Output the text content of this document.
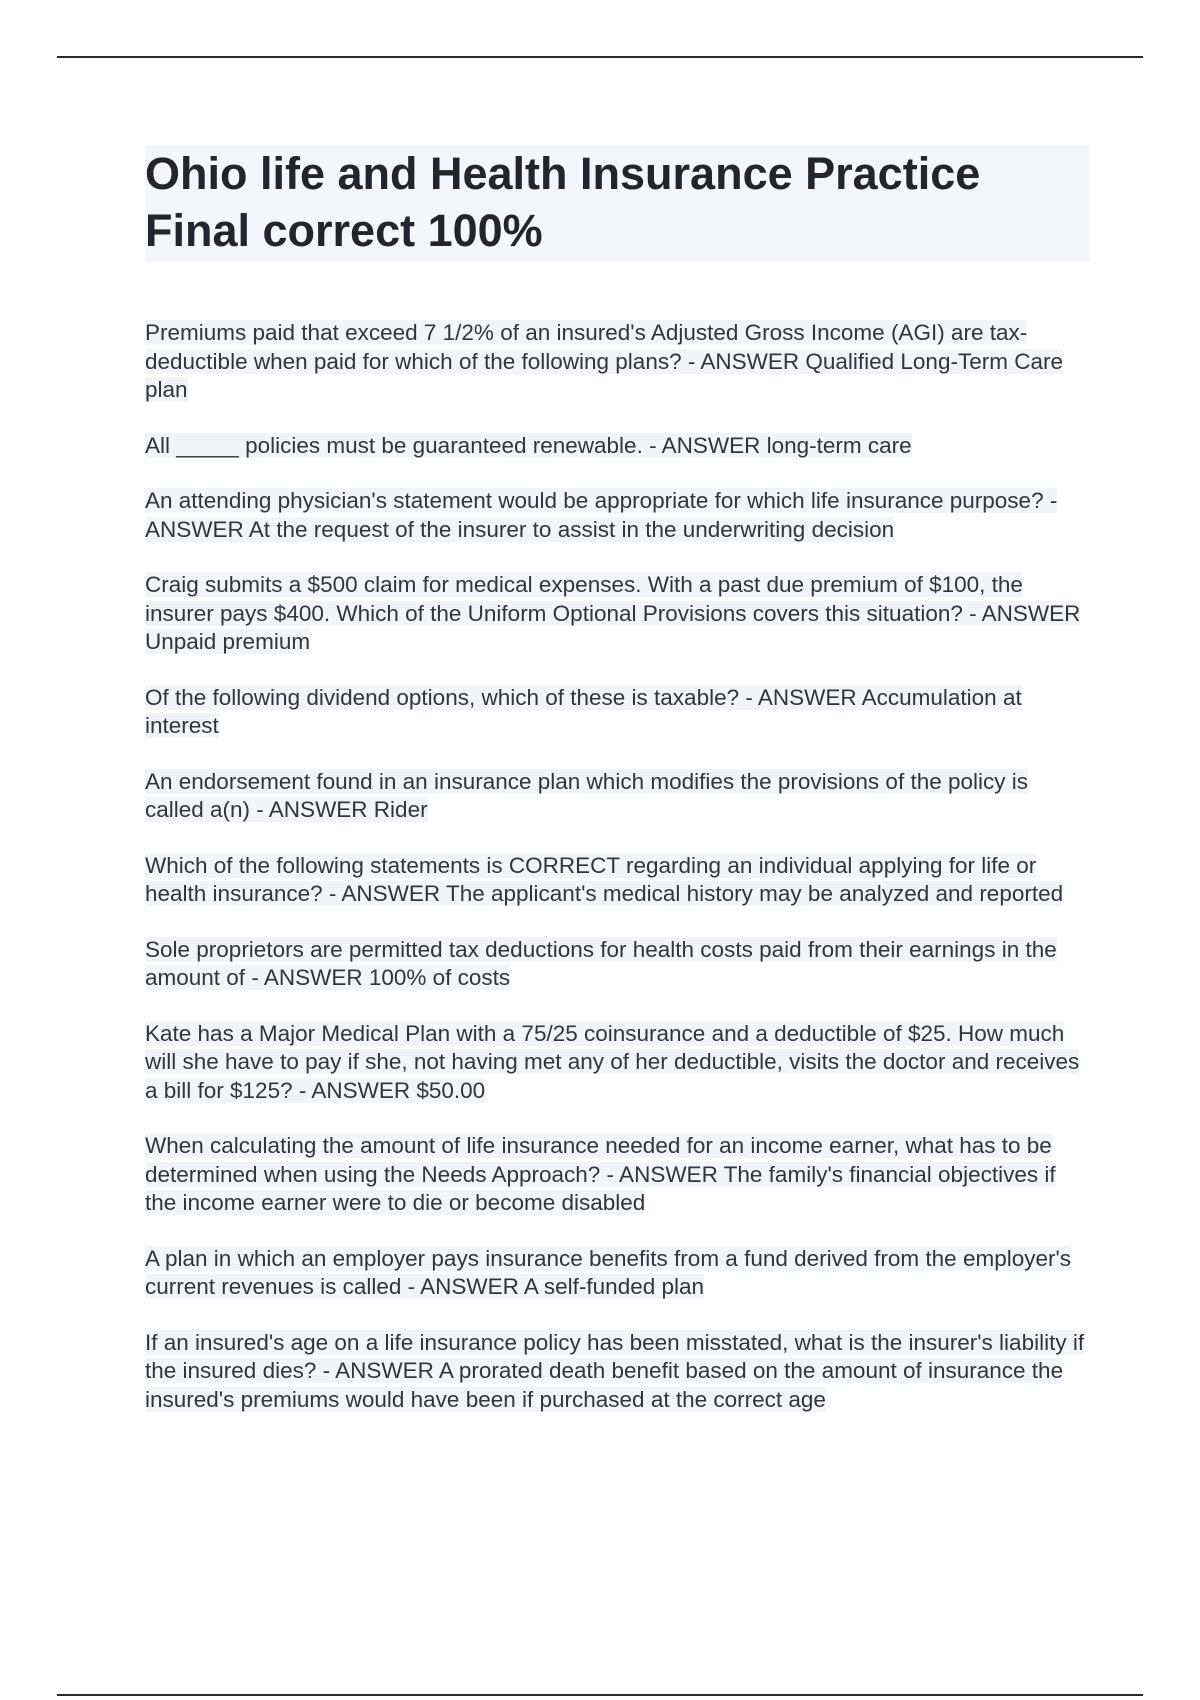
Ohio life and Health Insurance Practice
Final correct 100%

Premiums paid that exceed 7 1/2% of an insured's Adjusted Gross Income (AGI) are tax-deductible when paid for which of the following plans? - ANSWER Qualified Long-Term Care plan

All _____ policies must be guaranteed renewable. - ANSWER long-term care

An attending physician's statement would be appropriate for which life insurance purpose? - ANSWER At the request of the insurer to assist in the underwriting decision

Craig submits a $500 claim for medical expenses. With a past due premium of $100, the insurer pays $400. Which of the Uniform Optional Provisions covers this situation? - ANSWER Unpaid premium

Of the following dividend options, which of these is taxable? - ANSWER Accumulation at interest

An endorsement found in an insurance plan which modifies the provisions of the policy is called a(n) - ANSWER Rider

Which of the following statements is CORRECT regarding an individual applying for life or health insurance? - ANSWER The applicant's medical history may be analyzed and reported

Sole proprietors are permitted tax deductions for health costs paid from their earnings in the amount of - ANSWER 100% of costs

Kate has a Major Medical Plan with a 75/25 coinsurance and a deductible of $25. How much will she have to pay if she, not having met any of her deductible, visits the doctor and receives a bill for $125? - ANSWER $50.00

When calculating the amount of life insurance needed for an income earner, what has to be determined when using the Needs Approach? - ANSWER The family's financial objectives if the income earner were to die or become disabled

A plan in which an employer pays insurance benefits from a fund derived from the employer's current revenues is called - ANSWER A self-funded plan

If an insured's age on a life insurance policy has been misstated, what is the insurer's liability if the insured dies? - ANSWER A prorated death benefit based on the amount of insurance the insured's premiums would have been if purchased at the correct age
